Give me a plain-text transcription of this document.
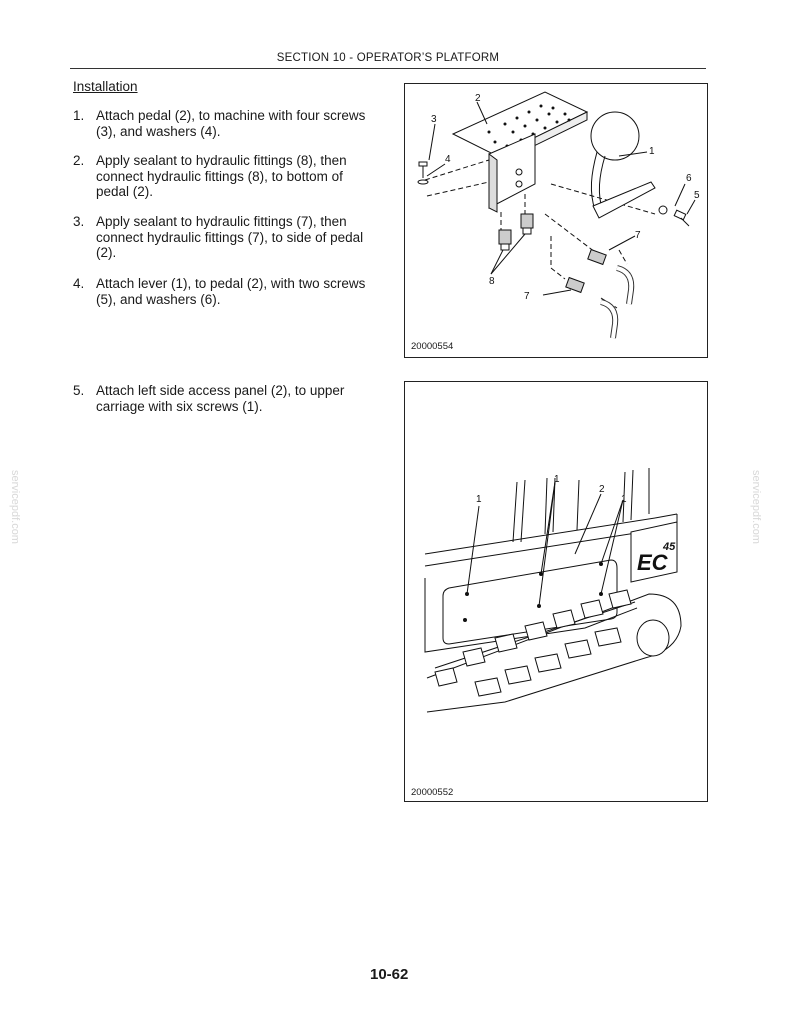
SECTION 10 - OPERATOR’S PLATFORM
Installation
1. Attach pedal (2), to machine with four screws (3), and washers (4).
2. Apply sealant to hydraulic fittings (8), then connect hydraulic fittings (8), to bottom of pedal (2).
3. Apply sealant to hydraulic fittings (7), then connect hydraulic fittings (7), to side of pedal (2).
4. Attach lever (1), to pedal (2), with two screws (5), and washers (6).
5. Attach left side access panel (2), to upper carriage with six screws (1).
2
3
4
1
6
5
7
7
8
20000554
EC
45
1
1
1
2
20000552
servicepdf.com	servicepdf.com
10-62
